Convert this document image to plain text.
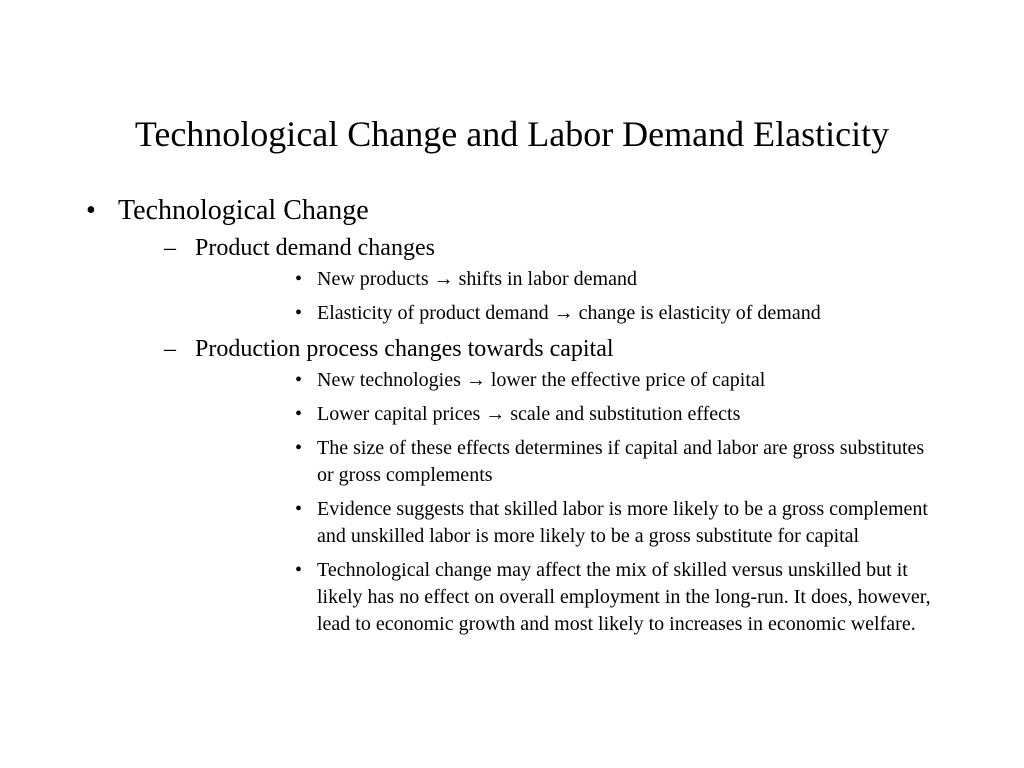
Technological Change and Labor Demand Elasticity
• Technological Change
– Product demand changes
• New products → shifts in labor demand
• Elasticity of product demand → change is elasticity of demand
– Production process changes towards capital
• New technologies → lower the effective price of capital
• Lower capital prices → scale and substitution effects
• The size of these effects determines if capital and labor are gross substitutes or gross complements
• Evidence suggests that skilled labor is more likely to be a gross complement and unskilled labor is more likely to be a gross substitute for capital
• Technological change may affect the mix of skilled versus unskilled but it likely has no effect on overall employment in the long-run. It does, however, lead to economic growth and most likely to increases in economic welfare.
